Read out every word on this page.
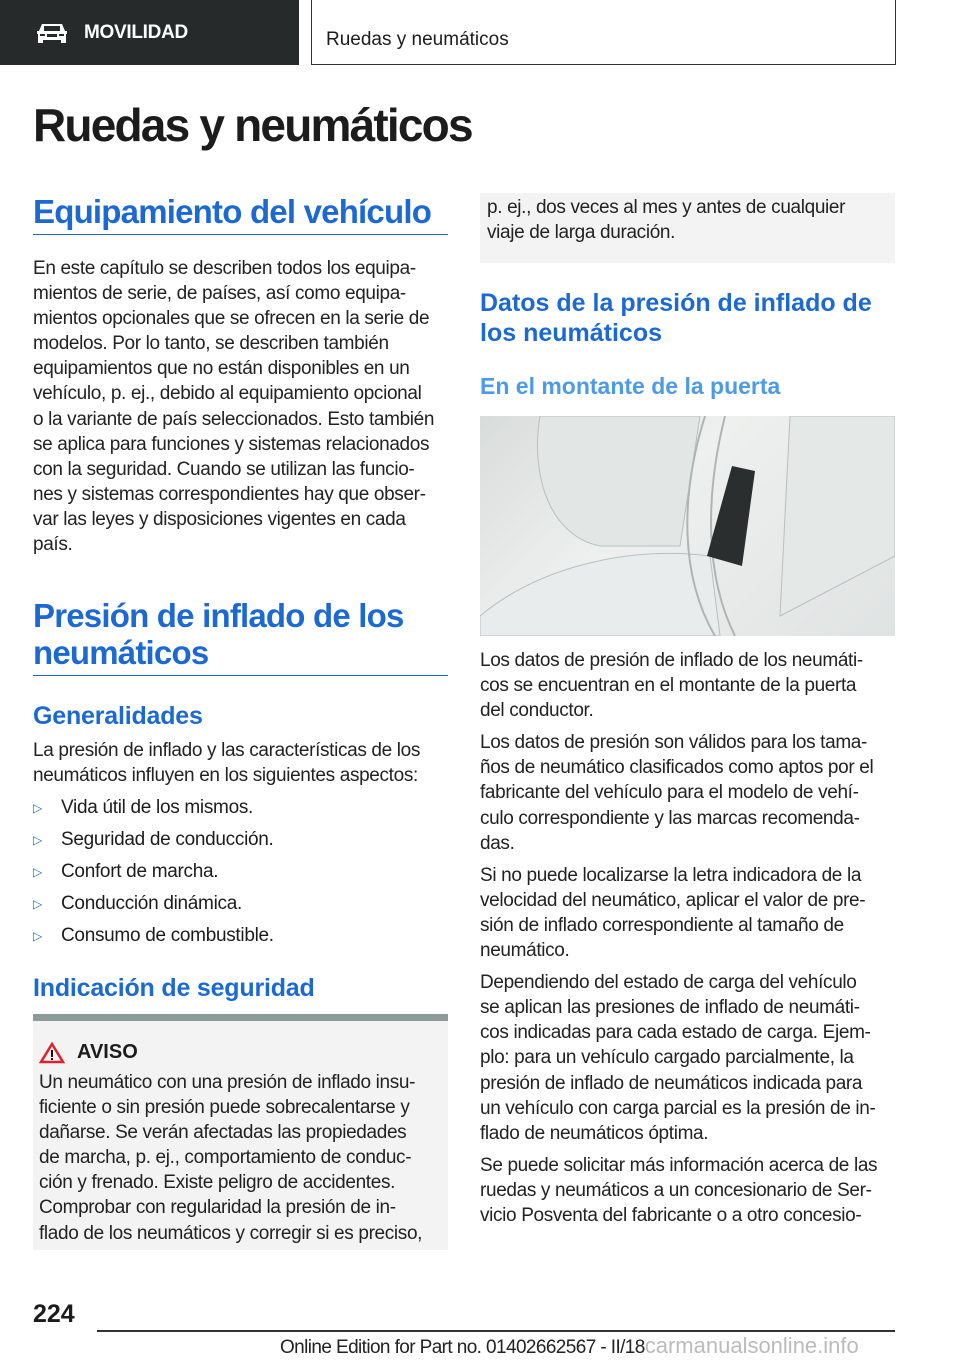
MOVILIDAD	Ruedas y neumáticos
Ruedas y neumáticos
Equipamiento del vehículo
En este capítulo se describen todos los equipa-
mientos de serie, de países, así como equipa-
mientos opcionales que se ofrecen en la serie de
modelos. Por lo tanto, se describen también
equipamientos que no están disponibles en un
vehículo, p. ej., debido al equipamiento opcional
o la variante de país seleccionados. Esto también
se aplica para funciones y sistemas relacionados
con la seguridad. Cuando se utilizan las funcio-
nes y sistemas correspondientes hay que obser-
var las leyes y disposiciones vigentes en cada
país.
Presión de inflado de los
neumáticos
Generalidades
La presión de inflado y las características de los
neumáticos influyen en los siguientes aspectos:
▷	Vida útil de los mismos.
▷	Seguridad de conducción.
▷	Confort de marcha.
▷	Conducción dinámica.
▷	Consumo de combustible.
Indicación de seguridad
AVISO
Un neumático con una presión de inflado insu-
ficiente o sin presión puede sobrecalentarse y
dañarse. Se verán afectadas las propiedades
de marcha, p. ej., comportamiento de conduc-
ción y frenado. Existe peligro de accidentes.
Comprobar con regularidad la presión de in-
flado de los neumáticos y corregir si es preciso,
p. ej., dos veces al mes y antes de cualquier
viaje de larga duración.
Datos de la presión de inflado de
los neumáticos
En el montante de la puerta
Los datos de presión de inflado de los neumáti-
cos se encuentran en el montante de la puerta
del conductor.
Los datos de presión son válidos para los tama-
ños de neumático clasificados como aptos por el
fabricante del vehículo para el modelo de vehí-
culo correspondiente y las marcas recomenda-
das.
Si no puede localizarse la letra indicadora de la
velocidad del neumático, aplicar el valor de pre-
sión de inflado correspondiente al tamaño de
neumático.
Dependiendo del estado de carga del vehículo
se aplican las presiones de inflado de neumáti-
cos indicadas para cada estado de carga. Ejem-
plo: para un vehículo cargado parcialmente, la
presión de inflado de neumáticos indicada para
un vehículo con carga parcial es la presión de in-
flado de neumáticos óptima.
Se puede solicitar más información acerca de las
ruedas y neumáticos a un concesionario de Ser-
vicio Posventa del fabricante o a otro concesio-
224
Online Edition for Part no. 01402662567 - II/18carmanualsonline.info
